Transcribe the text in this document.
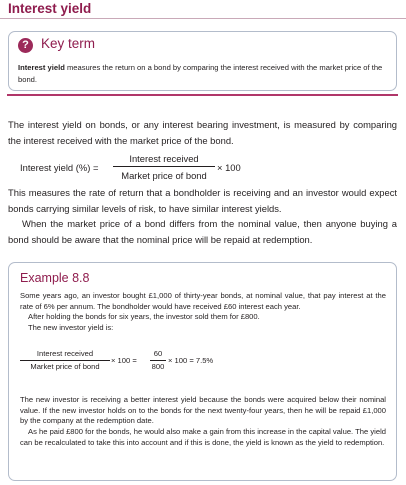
Interest yield
? Key term
Interest yield measures the return on a bond by comparing the interest received with the market price of the bond.
The interest yield on bonds, or any interest bearing investment, is measured by comparing the interest received with the market price of the bond.
Interest yield (%) =
Interest received
Market price of bond
× 100
This measures the rate of return that a bondholder is receiving and an investor would expect bonds carrying similar levels of risk, to have similar interest yields.
When the market price of a bond differs from the nominal value, then anyone buying a bond should be aware that the nominal price will be repaid at redemption.
Example 8.8
Some years ago, an investor bought £1,000 of thirty-year bonds, at nominal value, that pay interest at the rate of 6% per annum. The bondholder would have received £60 interest each year.
After holding the bonds for six years, the investor sold them for £800.
The new investor yield is:
Interest received
Market price of bond
× 100 =
60
800
× 100 = 7.5%
The new investor is receiving a better interest yield because the bonds were acquired below their nominal value. If the new investor holds on to the bonds for the next twenty-four years, then he will be repaid £1,000 by the company at the redemption date.
As he paid £800 for the bonds, he would also make a gain from this increase in the capital value. The yield can be recalculated to take this into account and if this is done, the yield is known as the yield to redemption.
